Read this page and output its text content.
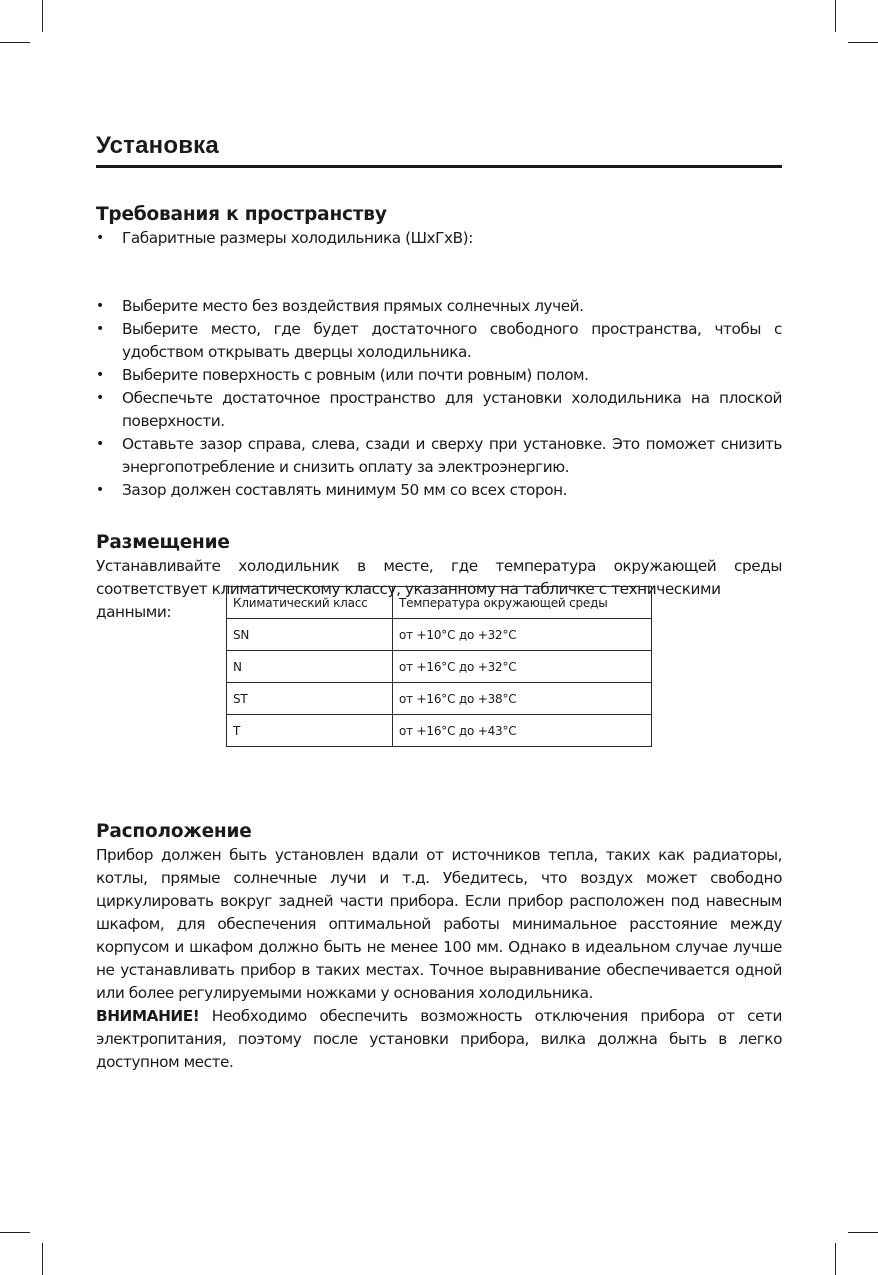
Установка
Требования к пространству
• Габаритные размеры холодильника (ШхГхВ):
• Выберите место без воздействия прямых солнечных лучей.
• Выберите место, где будет достаточного свободного пространства, чтобы с удобством открывать дверцы холодильника.
• Выберите поверхность с ровным (или почти ровным) полом.
• Обеспечьте достаточное пространство для установки холодильника на плоской поверхности.
• Оставьте зазор справа, слева, сзади и сверху при установке. Это поможет снизить энергопотребление и снизить оплату за электроэнергию.
• Зазор должен составлять минимум 50 мм со всех сторон.
Размещение

Устанавливайте холодильник в месте, где температура окружающей среды соответствует климатическому классу, указанному на табличке с техническими

данными:

Климатический класс	Температура окружающей среды
SN	от +10°C до +32°C
N	от +16°C до +32°C
ST	от +16°C до +38°C
T	от +16°C до +43°C
Расположение

Прибор должен быть установлен вдали от источников тепла, таких как радиаторы, котлы, прямые солнечные лучи и т.д. Убедитесь, что воздух может свободно циркулировать вокруг задней части прибора. Если прибор расположен под навесным шкафом, для обеспечения оптимальной работы минимальное расстояние между корпусом и шкафом должно быть не менее 100 мм. Однако в идеальном случае лучше не устанавливать прибор в таких местах. Точное выравнивание обеспечивается одной или более регулируемыми ножками у основания холодильника.

ВНИМАНИЕ! Необходимо обеспечить возможность отключения прибора от сети электропитания, поэтому после установки прибора, вилка должна быть в легко доступном месте.
